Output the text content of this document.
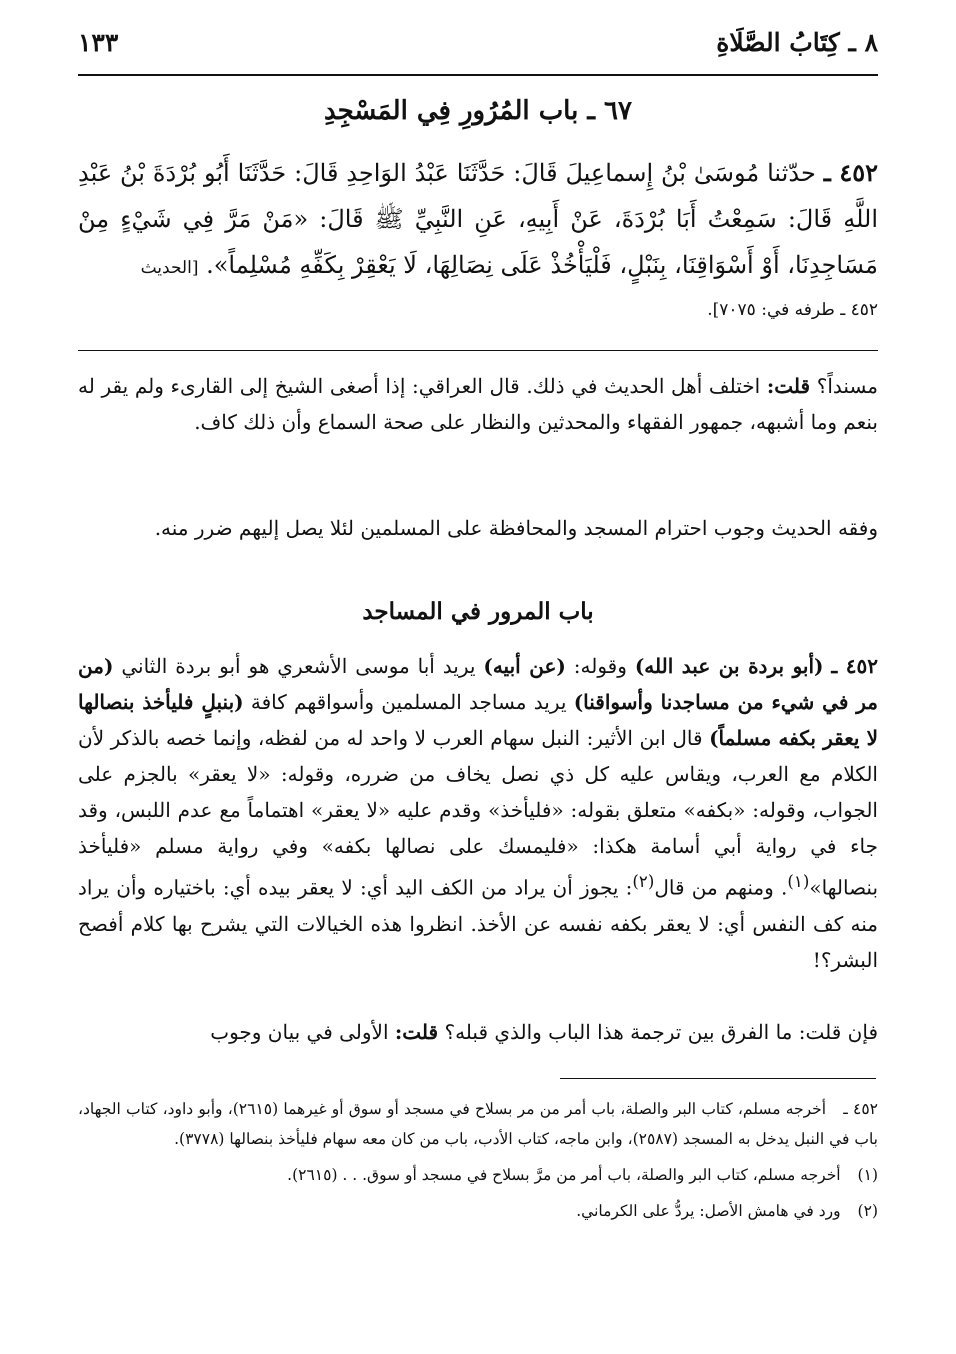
٨ ـ كِتَابُ الصَّلَاةِ
١٣٣
٦٧ ـ باب المُرُورِ فِي المَسْجِدِ
٤٥٢ ـ حدّثنا مُوسَىٰ بْنُ إِسماعِيلَ قَالَ: حَدَّثَنَا عَبْدُ الوَاحِدِ قَالَ: حَدَّثَنَا أَبُو بُرْدَةَ بْنُ عَبْدِ اللَّهِ قَالَ: سَمِعْتُ أَبَا بُرْدَةَ، عَنْ أَبِيهِ، عَنِ النَّبِيِّ ﷺ قَالَ: «مَنْ مَرَّ فِي شَيْءٍ مِنْ مَسَاجِدِنَا، أَوْ أَسْوَاقِنَا، بِنَبْلٍ، فَلْيَأْخُذْ عَلَى نِصَالِهَا، لَا يَعْقِرْ بِكَفِّهِ مُسْلِماً». [الحديث
٤٥٢ ـ طرفه في: ٧٠٧٥].
مسنداً؟ قلت: اختلف أهل الحديث في ذلك. قال العراقي: إذا أصغى الشيخ إلى القارىء ولم يقر له بنعم وما أشبهه، جمهور الفقهاء والمحدثين والنظار على صحة السماع وأن ذلك كاف.
وفقه الحديث وجوب احترام المسجد والمحافظة على المسلمين لئلا يصل إليهم ضرر منه.
باب المرور في المساجد
٤٥٢ ـ (أبو بردة بن عبد الله) وقوله: (عن أبيه) يريد أبا موسى الأشعري هو أبو بردة الثاني (من مر في شيء من مساجدنا وأسواقنا) يريد مساجد المسلمين وأسواقهم كافة (بنبلٍ فليأخذ بنصالها لا يعقر بكفه مسلماً) قال ابن الأثير: النبل سهام العرب لا واحد له من لفظه، وإنما خصه بالذكر لأن الكلام مع العرب، ويقاس عليه كل ذي نصل يخاف من ضرره، وقوله: «لا يعقر» بالجزم على الجواب، وقوله: «بكفه» متعلق بقوله: «فليأخذ» وقدم عليه «لا يعقر» اهتماماً مع عدم اللبس، وقد جاء في رواية أبي أسامة هكذا: «فليمسك على نصالها بكفه» وفي رواية مسلم «فليأخذ بنصالها»$^{(١)}$. ومنهم من قال$^{(٢)}$: يجوز أن يراد من الكف اليد أي: لا يعقر بيده أي: باختياره وأن يراد منه كف النفس أي: لا يعقر بكفه نفسه عن الأخذ. انظروا هذه الخيالات التي يشرح بها كلام أفصح البشر؟!
فإن قلت: ما الفرق بين ترجمة هذا الباب والذي قبله؟ قلت: الأولى في بيان وجوب
٤٥٢ ـ أخرجه مسلم، كتاب البر والصلة، باب أمر من مر بسلاح في مسجد أو سوق أو غيرهما (٢٦١٥)، وأبو داود، كتاب الجهاد، باب في النبل يدخل به المسجد (٢٥٨٧)، وابن ماجه، كتاب الأدب، باب من كان معه سهام فليأخذ بنصالها (٣٧٧٨).
(١) أخرجه مسلم، كتاب البر والصلة، باب أمر من مرَّ بسلاح في مسجد أو سوق. . . (٢٦١٥).
(٢) ورد في هامش الأصل: يردُّ على الكرماني.
